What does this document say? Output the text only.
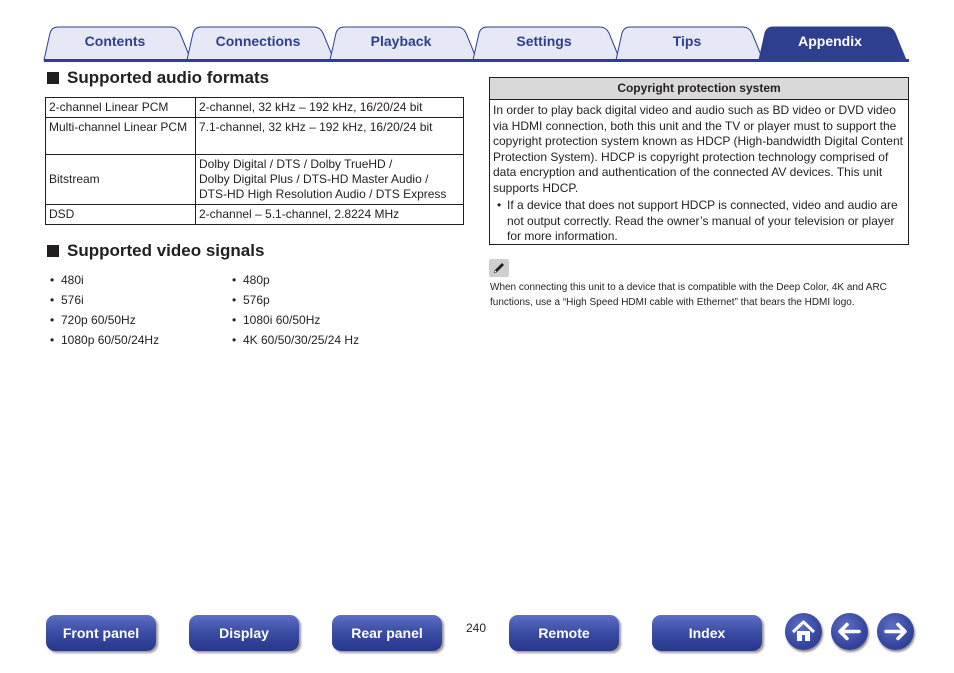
Contents	Connections	Playback	Settings	Tips	Appendix
Supported audio formats
2-channel Linear PCM	2-channel, 32 kHz – 192 kHz, 16/20/24 bit
Multi-channel Linear PCM	7.1-channel, 32 kHz – 192 kHz, 16/20/24 bit
Bitstream	Dolby Digital / DTS / Dolby TrueHD /
Dolby Digital Plus / DTS-HD Master Audio /
DTS-HD High Resolution Audio / DTS Express

DSD	2-channel – 5.1-channel, 2.8224 MHz
Supported video signals
• 480i
• 576i
• 720p 60/50Hz
• 1080p 60/50/24Hz
• 480p
• 576p
• 1080i 60/50Hz
• 4K 60/50/30/25/24 Hz
Copyright protection system
In order to play back digital video and audio such as BD video or DVD video via HDMI connection, both this unit and the TV or player must to support the copyright protection system known as HDCP (High-bandwidth Digital Content Protection System). HDCP is copyright protection technology comprised of data encryption and authentication of the connected AV devices. This unit supports HDCP.
• If a device that does not support HDCP is connected, video and audio are not output correctly. Read the owner’s manual of your television or player for more information.
When connecting this unit to a device that is compatible with the Deep Color, 4K and ARC functions, use a “High Speed HDMI cable with Ethernet” that bears the HDMI logo.
Front panel	Display	Rear panel	240	Remote	Index
